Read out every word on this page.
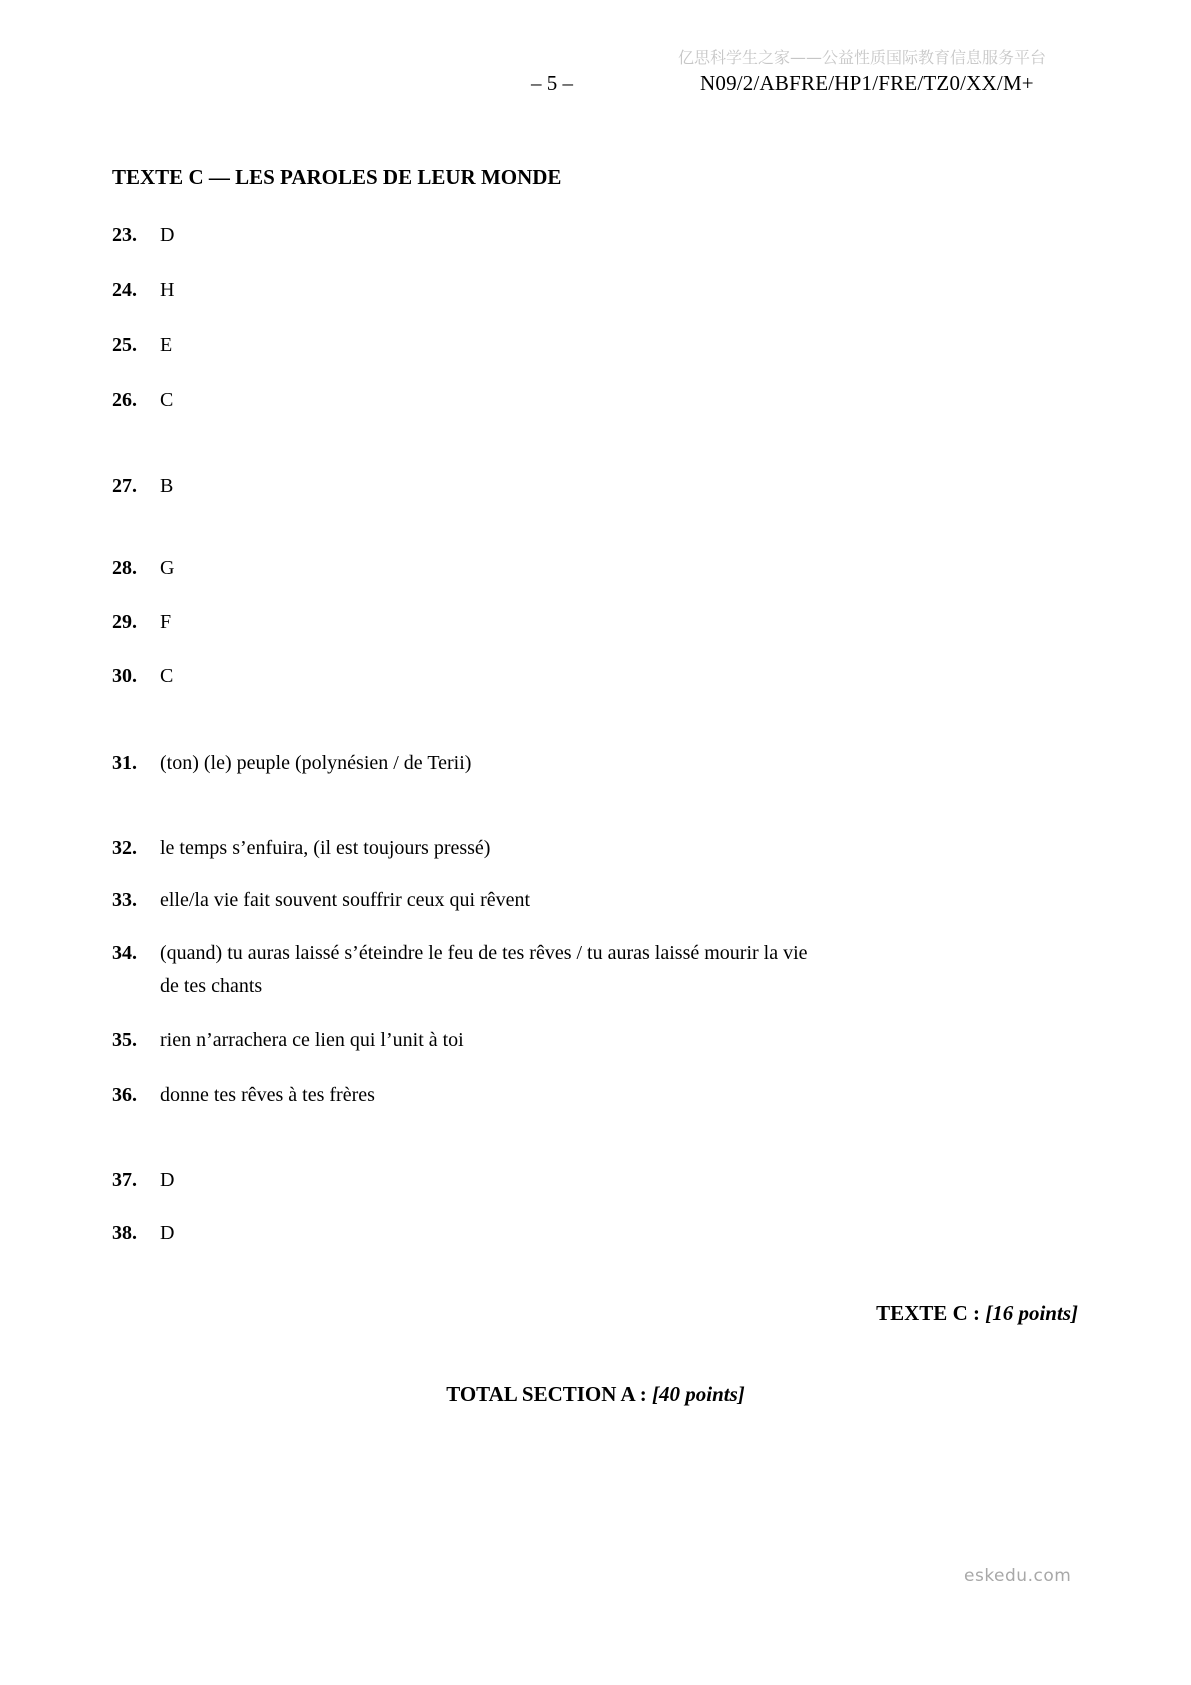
亿思科学生之家——公益性质国际教育信息服务平台
– 5 –	N09/2/ABFRE/HP1/FRE/TZ0/XX/M+
TEXTE C — LES PAROLES DE LEUR MONDE
23.	D
24.	H
25.	E
26.	C
27.	B
28.	G
29.	F
30.	C
31.	(ton) (le) peuple (polynésien / de Terii)
32.	le temps s’enfuira, (il est toujours pressé)
33.	elle/la vie fait souvent souffrir ceux qui rêvent
34.	(quand) tu auras laissé s’éteindre le feu de tes rêves / tu auras laissé mourir la vie
de tes chants
35.	rien n’arrachera ce lien qui l’unit à toi
36.	donne tes rêves à tes frères
37.	D
38.	D
TEXTE C : [16 points]
TOTAL SECTION A : [40 points]
eskedu.com
